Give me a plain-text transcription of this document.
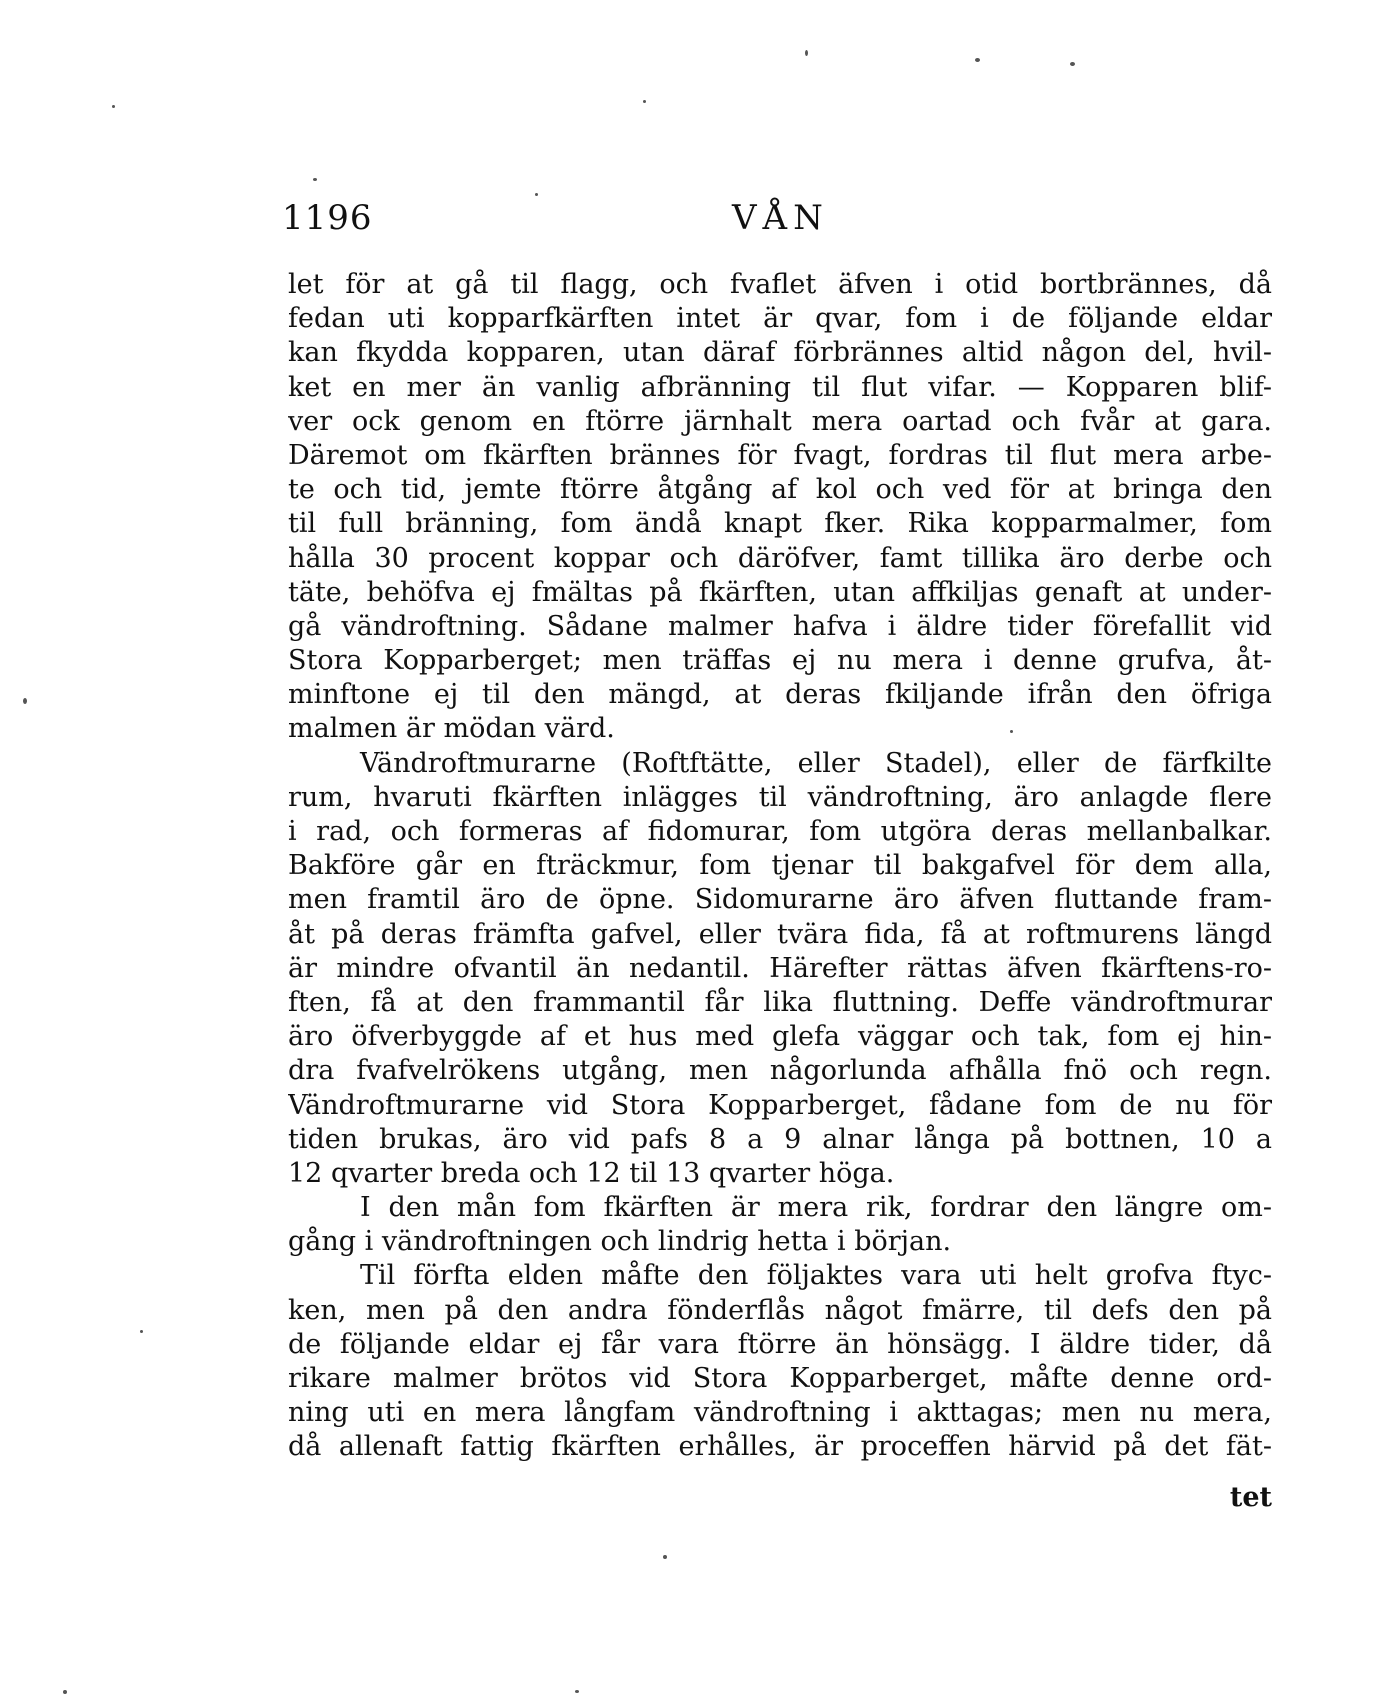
1196	VÅN
let för at gå til flagg, och fvaflet äfven i otid bortbrännes, då
fedan uti kopparfkärften intet är qvar, fom i de följande eldar
kan fkydda kopparen, utan däraf förbrännes altid någon del, hvil-
ket en mer än vanlig afbränning til flut vifar. — Kopparen blif-
ver ock genom en ftörre järnhalt mera oartad och fvår at gara.
Däremot om fkärften brännes för fvagt, fordras til flut mera arbe-
te och tid, jemte ftörre åtgång af kol och ved för at bringa den
til full bränning, fom ändå knapt fker. Rika kopparmalmer, fom
hålla 30 procent koppar och däröfver, famt tillika äro derbe och
täte, behöfva ej fmältas på fkärften, utan affkiljas genaft at under-
gå vändroftning. Sådane malmer hafva i äldre tider förefallit vid
Stora Kopparberget; men träffas ej nu mera i denne grufva, åt-
minftone ej til den mängd, at deras fkiljande ifrån den öfriga
malmen är mödan värd.
Vändroftmurarne (Roftftätte, eller Stadel), eller de färfkilte
rum, hvaruti fkärften inlägges til vändroftning, äro anlagde flere
i rad, och formeras af fidomurar, fom utgöra deras mellanbalkar.
Bakföre går en fträckmur, fom tjenar til bakgafvel för dem alla,
men framtil äro de öpne. Sidomurarne äro äfven fluttande fram-
åt på deras främfta gafvel, eller tvära fida, få at roftmurens längd
är mindre ofvantil än nedantil. Härefter rättas äfven fkärftens-ro-
ften, få at den frammantil får lika fluttning. Deffe vändroftmurar
äro öfverbyggde af et hus med glefa väggar och tak, fom ej hin-
dra fvafvelrökens utgång, men någorlunda afhålla fnö och regn.
Vändroftmurarne vid Stora Kopparberget, fådane fom de nu för
tiden brukas, äro vid pafs 8 a 9 alnar långa på bottnen, 10 a
12 qvarter breda och 12 til 13 qvarter höga.
I den mån fom fkärften är mera rik, fordrar den längre om-
gång i vändroftningen och lindrig hetta i början.
Til förfta elden måfte den följaktes vara uti helt grofva ftyc-
ken, men på den andra fönderflås något fmärre, til defs den på
de följande eldar ej får vara ftörre än hönsägg. I äldre tider, då
rikare malmer brötos vid Stora Kopparberget, måfte denne ord-
ning uti en mera långfam vändroftning i akttagas; men nu mera,
då allenaft fattig fkärften erhålles, är proceffen härvid på det fät-
tet
